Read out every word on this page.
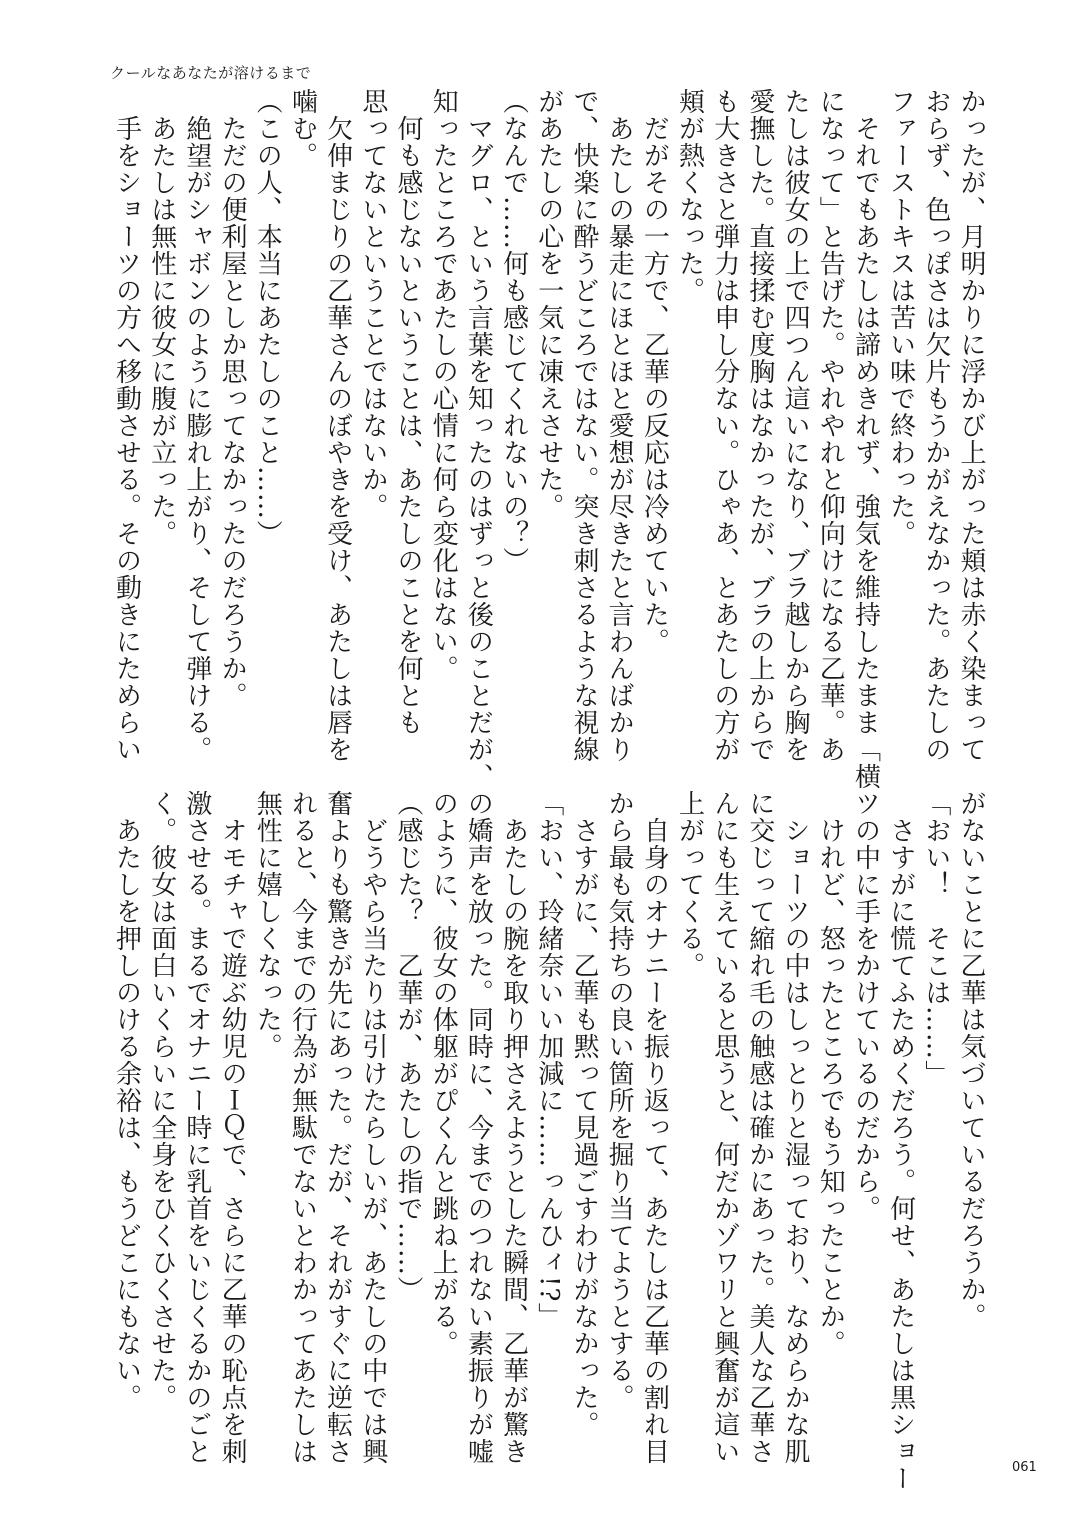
クールなあなたが溶けるまで
かったが、月明かりに浮かび上がった頬は赤く染まって
おらず、色っぽさは欠片もうかがえなかった。あたしの
ファーストキスは苦い味で終わった。
　それでもあたしは諦めきれず、強気を維持したまま「横
になって」と告げた。やれやれと仰向けになる乙華。あ
たしは彼女の上で四つん這いになり、ブラ越しから胸を
愛撫した。直接揉む度胸はなかったが、ブラの上からで
も大きさと弾力は申し分ない。ひゃあ、とあたしの方が
頬が熱くなった。
　だがその一方で、乙華の反応は冷めていた。
　あたしの暴走にほとほと愛想が尽きたと言わんばかり
で、快楽に酔うどころではない。突き刺さるような視線
があたしの心を一気に凍えさせた。
（なんで……何も感じてくれないの？）
　マグロ、という言葉を知ったのはずっと後のことだが、
知ったところであたしの心情に何ら変化はない。
　何も感じないということは、あたしのことを何とも
思ってないということではないか。
　欠伸まじりの乙華さんのぼやきを受け、あたしは唇を
噛む。
（この人、本当にあたしのこと……）
　ただの便利屋としか思ってなかったのだろうか。
　絶望がシャボンのように膨れ上がり、そして弾ける。
　あたしは無性に彼女に腹が立った。
　手をショーツの方へ移動させる。その動きにためらい
がないことに乙華は気づいているだろうか。
「おい！　そこは……」
　さすがに慌てふためくだろう。何せ、あたしは黒ショー
ツの中に手をかけているのだから。
　けれど、怒ったところでもう知ったことか。
　ショーツの中はしっとりと湿っており、なめらかな肌
に交じって縮れ毛の触感は確かにあった。美人な乙華さ
んにも生えていると思うと、何だかゾワリと興奮が這い
上がってくる。
　自身のオナニーを振り返って、あたしは乙華の割れ目
から最も気持ちの良い箇所を掘り当てようとする。
　さすがに、乙華も黙って見過ごすわけがなかった。
「おい、玲緒奈いい加減に……っんひィ!?」
　あたしの腕を取り押さえようとした瞬間、乙華が驚き
の嬌声を放った。同時に、今までのつれない素振りが嘘
のように、彼女の体躯がぴくんと跳ね上がる。
（感じた？　乙華が、あたしの指で……）
　どうやら当たりは引けたらしいが、あたしの中では興
奮よりも驚きが先にあった。だが、それがすぐに逆転さ
れると、今までの行為が無駄でないとわかってあたしは
無性に嬉しくなった。
　オモチャで遊ぶ幼児のＩＱで、さらに乙華の恥点を刺
激させる。まるでオナニー時に乳首をいじくるかのごと
く。彼女は面白いくらいに全身をひくひくさせた。
　あたしを押しのける余裕は、もうどこにもない。
061
